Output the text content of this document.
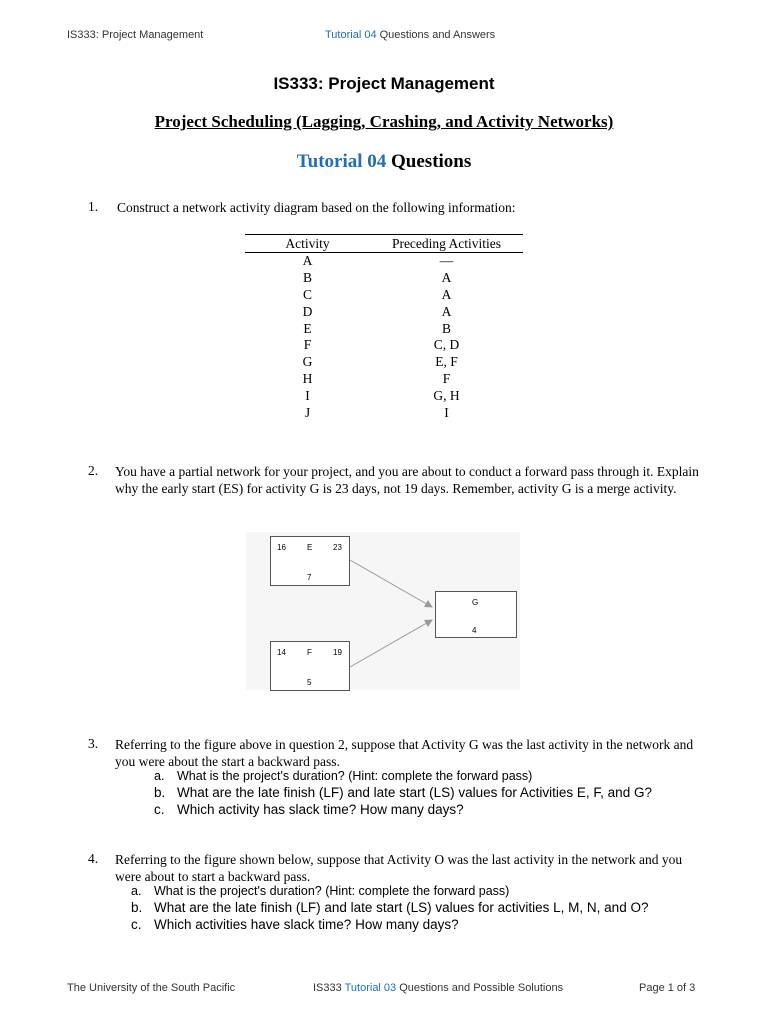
IS333: Project Management	Tutorial 04 Questions and Answers
IS333: Project Management
Project Scheduling (Lagging, Crashing, and Activity Networks)
Tutorial 04 Questions
1. Construct a network activity diagram based on the following information:
Activity	Preceding Activities
A	—
B	A
C	A
D	A
E	B
F	C, D
G	E, F
H	F
I	G, H
J	I
2. You have a partial network for your project, and you are about to conduct a forward pass through it. Explain why the early start (ES) for activity G is 23 days, not 19 days. Remember, activity G is a merge activity.
16	E	23
7
14	F	19
5
G
4
3. Referring to the figure above in question 2, suppose that Activity G was the last activity in the network and you were about the start a backward pass.
a. What is the project's duration? (Hint: complete the forward pass)
b. What are the late finish (LF) and late start (LS) values for Activities E, F, and G?
c. Which activity has slack time? How many days?
4. Referring to the figure shown below, suppose that Activity O was the last activity in the network and you were about to start a backward pass.
a. What is the project's duration? (Hint: complete the forward pass)
b. What are the late finish (LF) and late start (LS) values for activities L, M, N, and O?
c. Which activities have slack time? How many days?
The University of the South Pacific	IS333 Tutorial 03 Questions and Possible Solutions	Page 1 of 3
